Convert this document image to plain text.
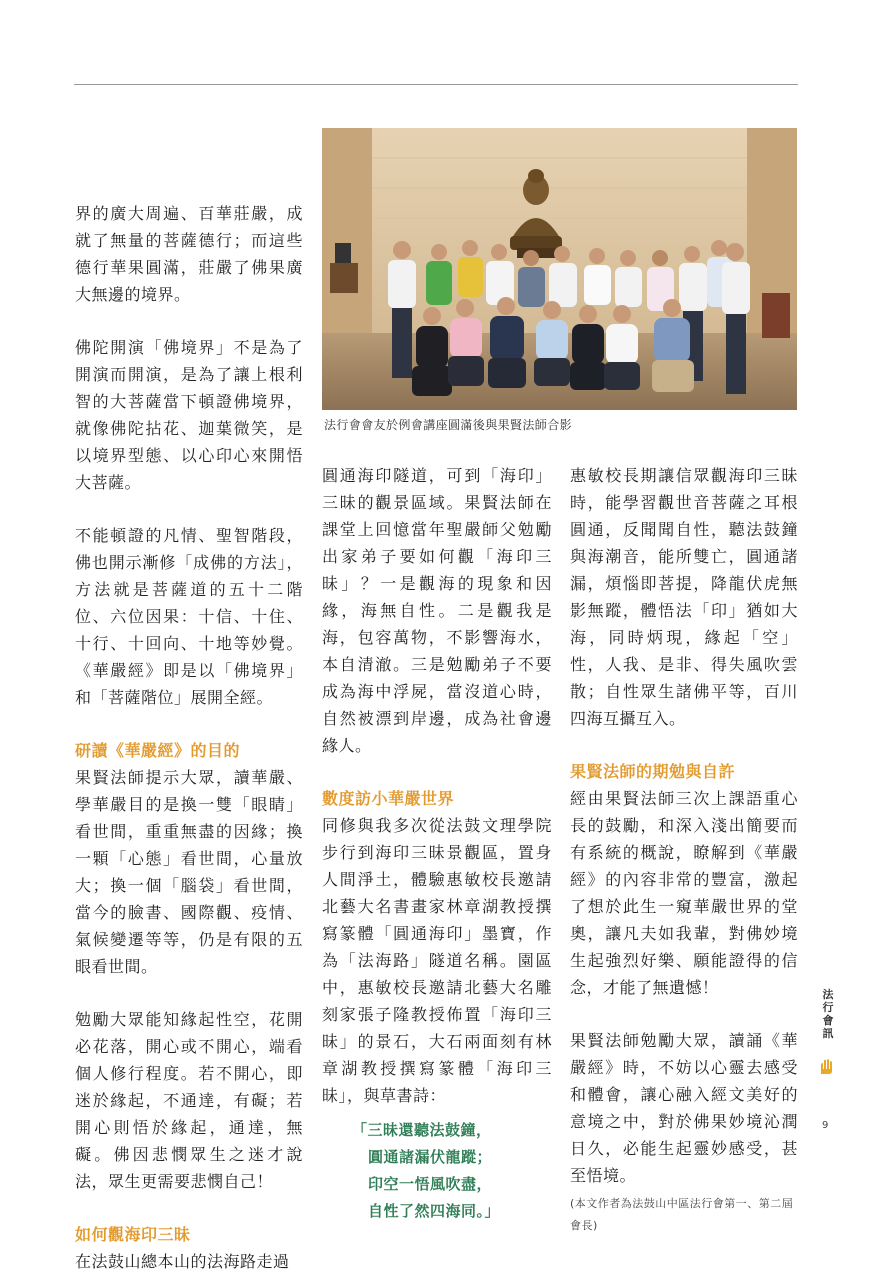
法行會會友於例會講座圓滿後與果賢法師合影

界的廣大周遍、百華莊嚴，成就了無量的菩薩德行；而這些德行華果圓滿，莊嚴了佛果廣大無邊的境界。

佛陀開演「佛境界」不是為了開演而開演，是為了讓上根利智的大菩薩當下頓證佛境界，就像佛陀拈花、迦葉微笑，是以境界型態、以心印心來開悟大菩薩。

不能頓證的凡情、聖智階段，佛也開示漸修「成佛的方法」，方法就是菩薩道的五十二階位、六位因果：十信、十住、十行、十回向、十地等妙覺。《華嚴經》即是以「佛境界」和「菩薩階位」展開全經。

研讀《華嚴經》的目的

果賢法師提示大眾，讀華嚴、學華嚴目的是換一雙「眼睛」看世間，重重無盡的因緣；換一顆「心態」看世間，心量放大；換一個「腦袋」看世間，當今的臉書、國際觀、疫情、氣候變遷等等，仍是有限的五眼看世間。

勉勵大眾能知緣起性空，花開必花落，開心或不開心，端看個人修行程度。若不開心，即迷於緣起，不通達，有礙；若開心則悟於緣起，通達，無礙。佛因悲憫眾生之迷才說法，眾生更需要悲憫自己！

如何觀海印三昧

在法鼓山總本山的法海路走過

圓通海印隧道，可到「海印」三昧的觀景區域。果賢法師在課堂上回憶當年聖嚴師父勉勵出家弟子要如何觀「海印三昧」？一是觀海的現象和因緣，海無自性。二是觀我是海，包容萬物，不影響海水，本自清澈。三是勉勵弟子不要成為海中浮屍，當沒道心時，自然被漂到岸邊，成為社會邊緣人。

數度訪小華嚴世界

同修與我多次從法鼓文理學院步行到海印三昧景觀區，置身人間淨土，體驗惠敏校長邀請北藝大名書畫家林章湖教授撰寫篆體「圓通海印」墨寶，作為「法海路」隧道名稱。園區中，惠敏校長邀請北藝大名雕刻家張子隆教授佈置「海印三昧」的景石，大石兩面刻有林章湖教授撰寫篆體「海印三昧」，與草書詩：

「三昧還聽法鼓鐘，
圓通諸漏伏龍蹤；
印空一悟風吹盡，
自性了然四海同。」

惠敏校長期讓信眾觀海印三昧時，能學習觀世音菩薩之耳根圓通，反聞聞自性，聽法鼓鐘與海潮音，能所雙亡，圓通諸漏，煩惱即菩提，降龍伏虎無影無蹤，體悟法「印」猶如大海，同時炳現，緣起「空」性，人我、是非、得失風吹雲散；自性眾生諸佛平等，百川四海互攝互入。

果賢法師的期勉與自許

經由果賢法師三次上課語重心長的鼓勵，和深入淺出簡要而有系統的概說，瞭解到《華嚴經》的內容非常的豐富，激起了想於此生一窺華嚴世界的堂奧，讓凡夫如我輩，對佛妙境生起強烈好樂、願能證得的信念，才能了無遺憾！

果賢法師勉勵大眾，讀誦《華嚴經》時，不妨以心靈去感受和體會，讓心融入經文美好的意境之中，對於佛果妙境沁潤日久，必能生起靈妙感受，甚至悟境。

(本文作者為法鼓山中區法行會第一、第二屆會長)
法行會訊
9
